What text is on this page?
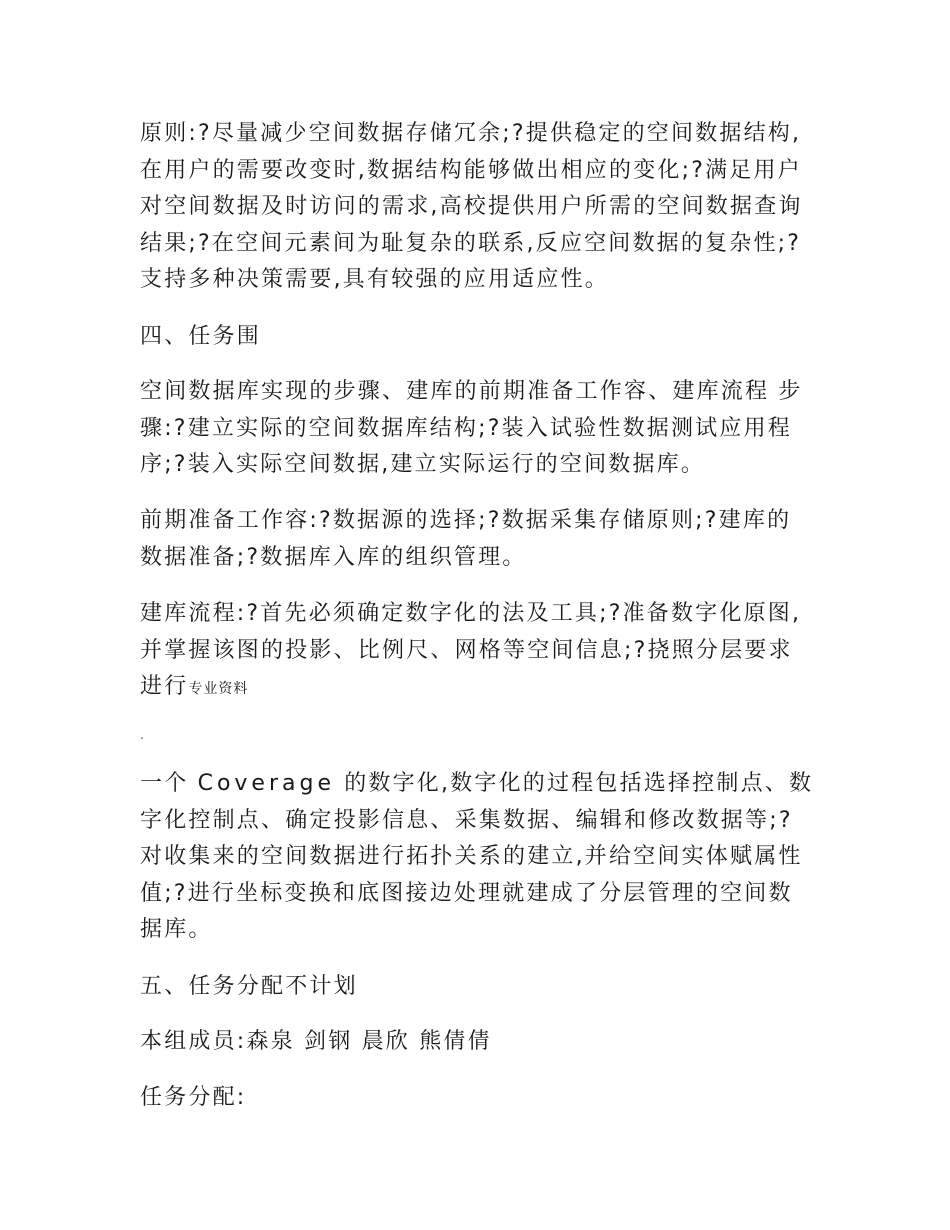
原则:?尽量减少空间数据存储冗余;?提供稳定的空间数据结构,
在用户的需要改变时,数据结构能够做出相应的变化;?满足用户
对空间数据及时访问的需求,高校提供用户所需的空间数据查询
结果;?在空间元素间为耻复杂的联系,反应空间数据的复杂性;?
支持多种决策需要,具有较强的应用适应性。
四、任务围
空间数据库实现的步骤、建库的前期准备工作容、建库流程 步
骤:?建立实际的空间数据库结构;?装入试验性数据测试应用程
序;?装入实际空间数据,建立实际运行的空间数据库。
前期准备工作容:?数据源的选择;?数据采集存储原则;?建库的
数据准备;?数据库入库的组织管理。
建库流程:?首先必须确定数字化的法及工具;?准备数字化原图,
并掌握该图的投影、比例尺、网格等空间信息;?挠照分层要求
进行专业资料
.
一个 Coverage 的数字化,数字化的过程包括选择控制点、数
字化控制点、确定投影信息、采集数据、编辑和修改数据等;?
对收集来的空间数据进行拓扑关系的建立,并给空间实体赋属性
值;?进行坐标变换和底图接边处理就建成了分层管理的空间数
据库。
五、任务分配不计划
本组成员:森泉 剑钢 晨欣 熊倩倩
任务分配:
